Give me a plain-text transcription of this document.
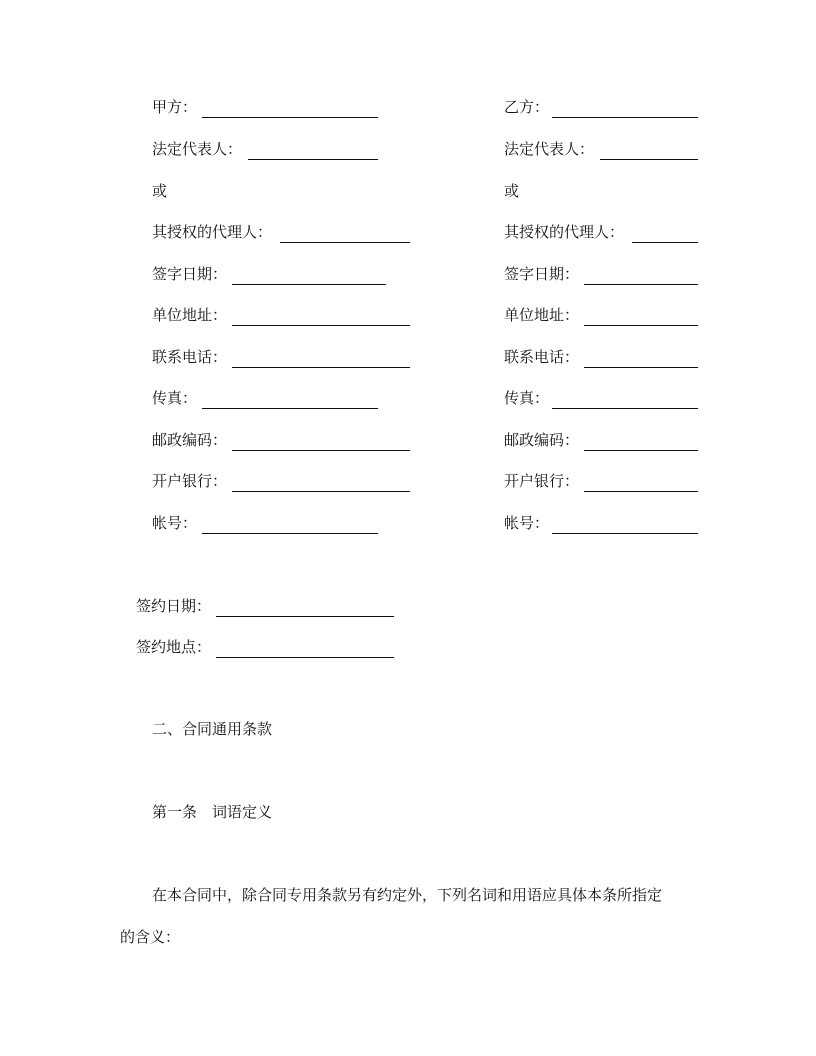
甲方：
法定代表人：
或
其授权的代理人：
签字日期：
单位地址：
联系电话：
传真：
邮政编码：
开户银行：
帐号：
乙方：
法定代表人：
或
其授权的代理人：
签字日期：
单位地址：
联系电话：
传真：
邮政编码：
开户银行：
帐号：
签约日期：
签约地点：
二、合同通用条款
第一条　词语定义
在本合同中，除合同专用条款另有约定外，下列名词和用语应具体本条所指定
的含义：
